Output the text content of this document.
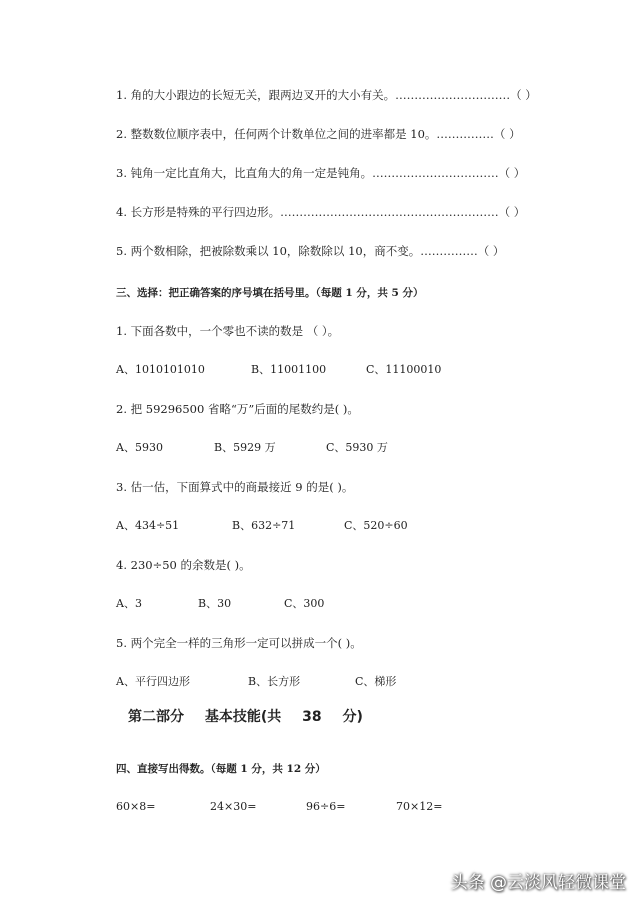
1. 角的大小跟边的长短无关，跟两边叉开的大小有关。…………………………（ ）
2. 整数数位顺序表中，任何两个计数单位之间的进率都是 10。……………（ ）
3. 钝角一定比直角大，比直角大的角一定是钝角。……………………………（ ）
4. 长方形是特殊的平行四边形。…………………………………………………（ ）
5. 两个数相除，把被除数乘以 10，除数除以 10，商不变。……………（ ）
三、选择：把正确答案的序号填在括号里。（每题 1 分，共 5 分）
1. 下面各数中，一个零也不读的数是 （ ）。
A、1010101010	B、11001100	C、11100010
2. 把 59296500 省略“万”后面的尾数约是( )。
A、5930	B、5929 万	C、5930 万
3. 估一估，下面算式中的商最接近 9 的是( )。
A、434÷51	B、632÷71	C、520÷60
4. 230÷50 的余数是( )。
A、3	B、30	C、300
5. 两个完全一样的三角形一定可以拼成一个( )。
A、平行四边形	B、长方形	C、梯形
第二部分 基本技能(共 38 分)
四、直接写出得数。（每题 1 分，共 12 分）
60×8=	24×30=	96÷6=	70×12=
头条 @云淡风轻微课堂
